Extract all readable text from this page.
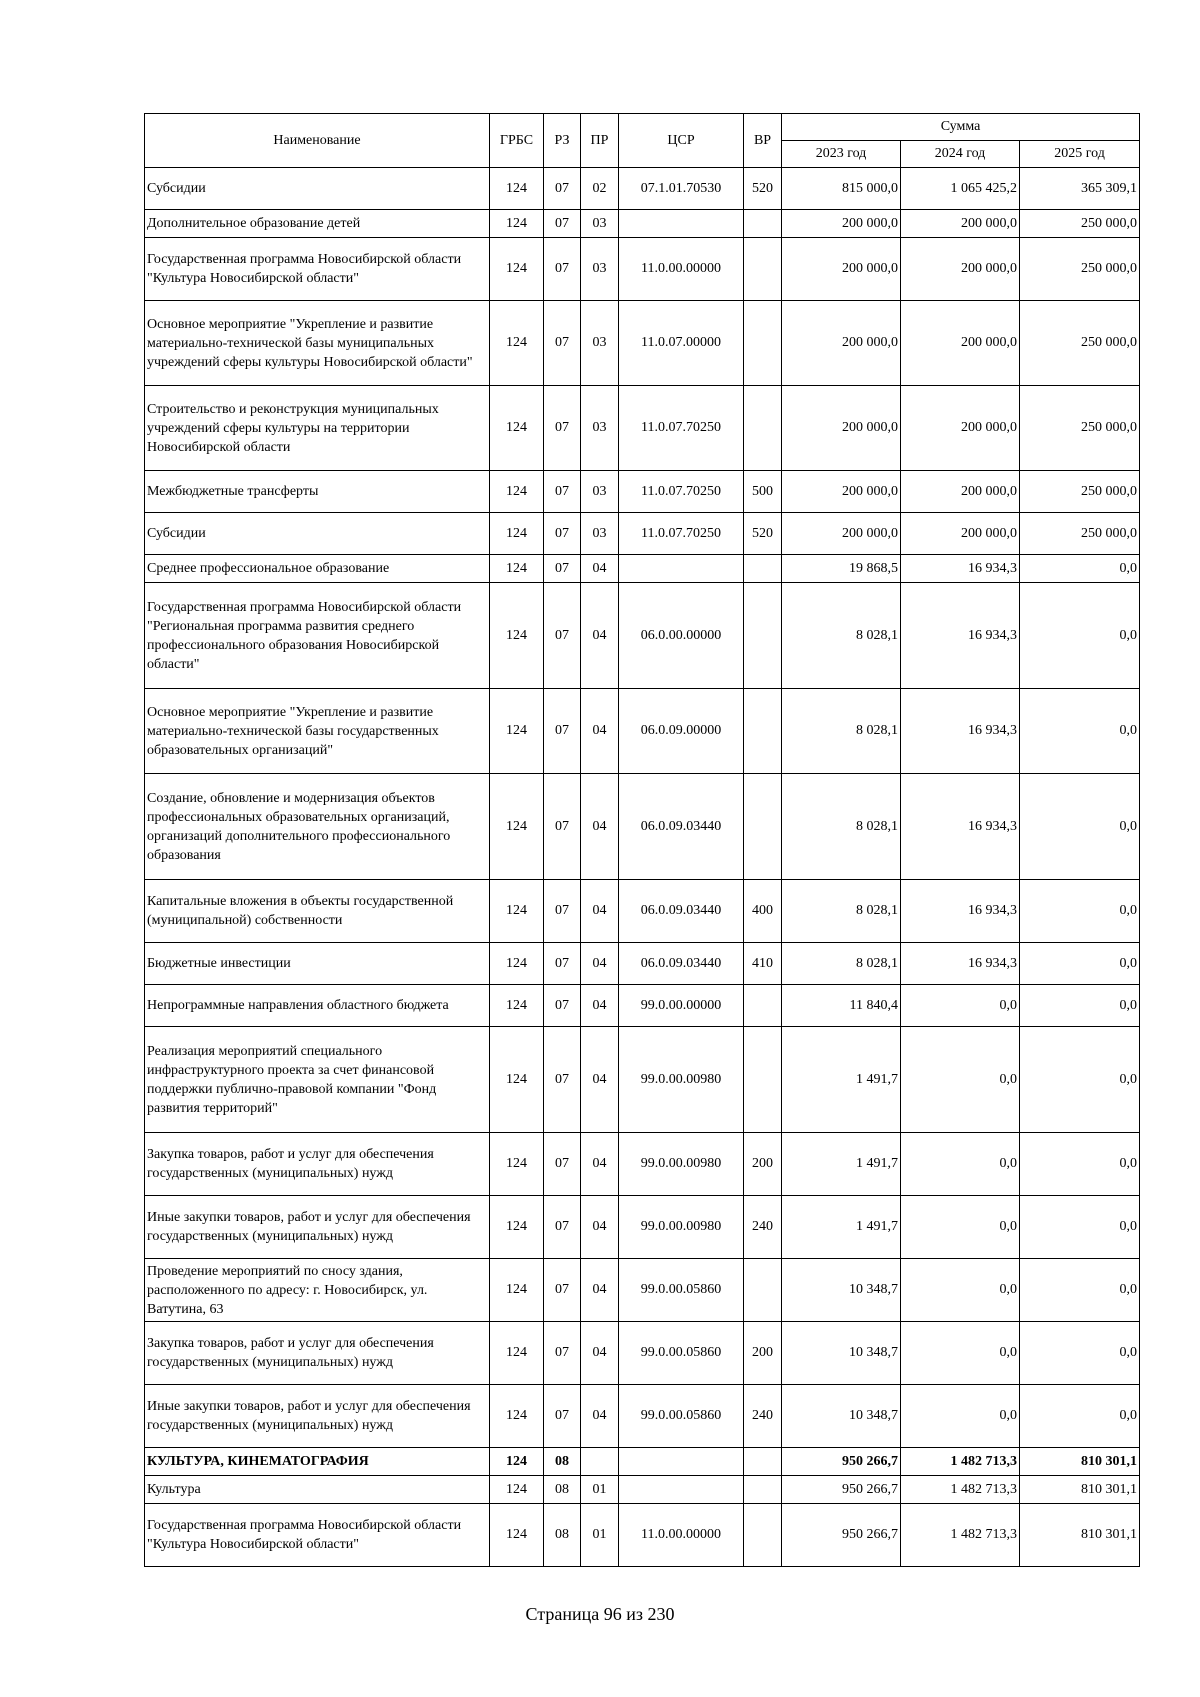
Наименование	ГРБС	РЗ	ПР	ЦСР	ВР	Сумма		
						2023 год	2024 год	2025 год
Субсидии	124	07	02	07.1.01.70530	520	815 000,0	1 065 425,2	365 309,1
Дополнительное образование детей	124	07	03			200 000,0	200 000,0	250 000,0
Государственная программа Новосибирской области "Культура Новосибирской области"	124	07	03	11.0.00.00000		200 000,0	200 000,0	250 000,0
Основное мероприятие "Укрепление и развитие материально-технической базы муниципальных учреждений сферы культуры Новосибирской области"	124	07	03	11.0.07.00000		200 000,0	200 000,0	250 000,0
Строительство и реконструкция муниципальных учреждений сферы культуры на территории Новосибирской области	124	07	03	11.0.07.70250		200 000,0	200 000,0	250 000,0
Межбюджетные трансферты	124	07	03	11.0.07.70250	500	200 000,0	200 000,0	250 000,0
Субсидии	124	07	03	11.0.07.70250	520	200 000,0	200 000,0	250 000,0
Среднее профессиональное образование	124	07	04			19 868,5	16 934,3	0,0
Государственная программа Новосибирской области "Региональная программа развития среднего профессионального образования Новосибирской области"	124	07	04	06.0.00.00000		8 028,1	16 934,3	0,0
Основное мероприятие "Укрепление и развитие материально-технической базы государственных образовательных организаций"	124	07	04	06.0.09.00000		8 028,1	16 934,3	0,0
Создание, обновление и модернизация объектов профессиональных образовательных организаций, организаций дополнительного профессионального образования	124	07	04	06.0.09.03440		8 028,1	16 934,3	0,0
Капитальные вложения в объекты государственной (муниципальной) собственности	124	07	04	06.0.09.03440	400	8 028,1	16 934,3	0,0
Бюджетные инвестиции	124	07	04	06.0.09.03440	410	8 028,1	16 934,3	0,0
Непрограммные направления областного бюджета	124	07	04	99.0.00.00000		11 840,4	0,0	0,0
Реализация мероприятий специального инфраструктурного проекта за счет финансовой поддержки публично-правовой компании "Фонд развития территорий"	124	07	04	99.0.00.00980		1 491,7	0,0	0,0
Закупка товаров, работ и услуг для обеспечения государственных (муниципальных) нужд	124	07	04	99.0.00.00980	200	1 491,7	0,0	0,0
Иные закупки товаров, работ и услуг для обеспечения государственных (муниципальных) нужд	124	07	04	99.0.00.00980	240	1 491,7	0,0	0,0
Проведение мероприятий по сносу здания, расположенного по адресу: г. Новосибирск, ул. Ватутина, 63	124	07	04	99.0.00.05860		10 348,7	0,0	0,0
Закупка товаров, работ и услуг для обеспечения государственных (муниципальных) нужд	124	07	04	99.0.00.05860	200	10 348,7	0,0	0,0
Иные закупки товаров, работ и услуг для обеспечения государственных (муниципальных) нужд	124	07	04	99.0.00.05860	240	10 348,7	0,0	0,0
КУЛЬТУРА, КИНЕМАТОГРАФИЯ	124	08				950 266,7	1 482 713,3	810 301,1
Культура	124	08	01			950 266,7	1 482 713,3	810 301,1
Государственная программа Новосибирской области "Культура Новосибирской области"	124	08	01	11.0.00.00000		950 266,7	1 482 713,3	810 301,1
Страница 96 из 230
